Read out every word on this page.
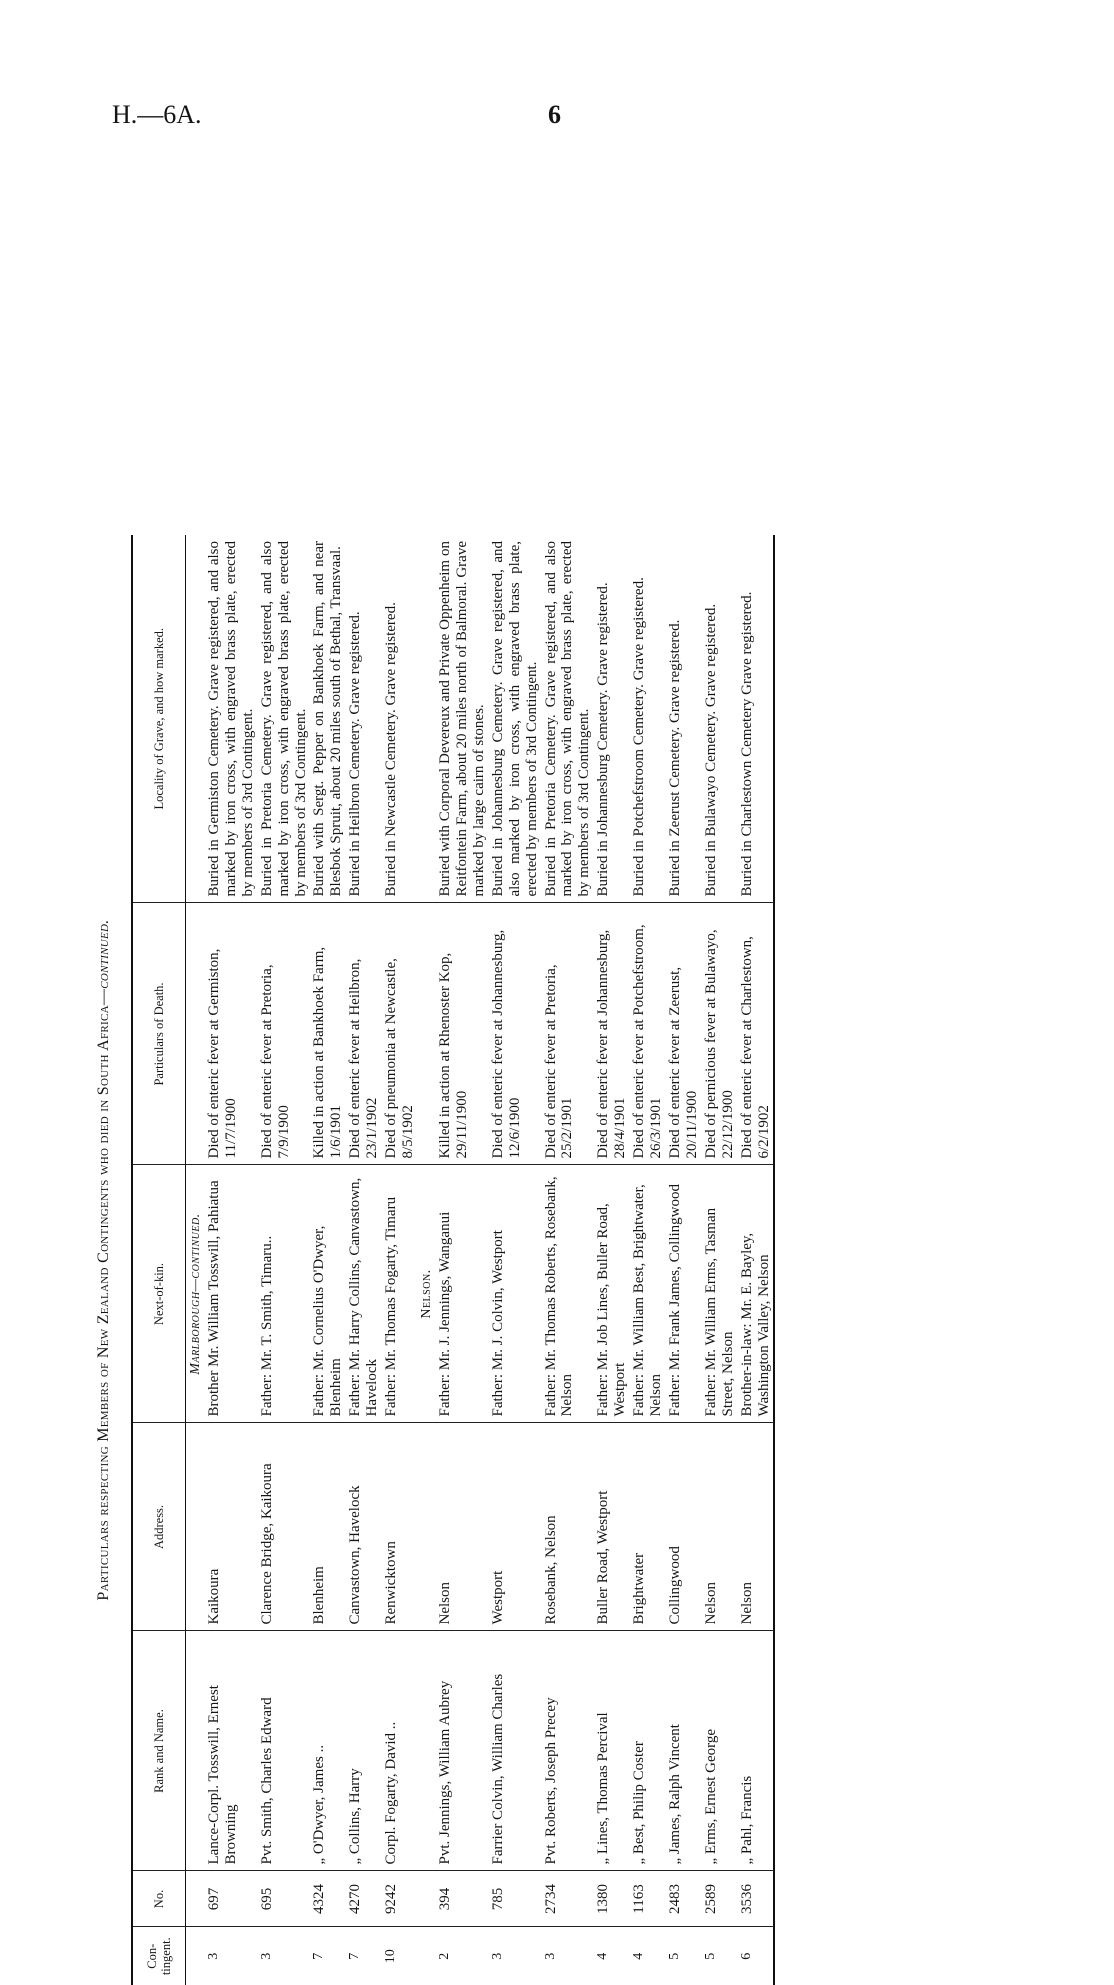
H.—6A.	6
Particulars respecting Members of New Zealand Contingents who died in South Africa—continued.
Con-tingent.	No.	Rank and Name.	Address.	Next-of-kin.	Particulars of Death.	Locality of Grave, and how marked.
				Marlborough—continued.		
3	697	Lance-Corpl. Tosswill, Ernest Browning	Kaikoura	Brother Mr. William Tosswill, Pahiatua	Died of enteric fever at Germiston, 11/7/1900	Buried in Germiston Cemetery. Grave registered, and also marked by iron cross, with engraved brass plate, erected by members of 3rd Contingent.
3	695	Pvt. Smith, Charles Edward	Clarence Bridge, Kaikoura	Father: Mr. T. Smith, Timaru..	Died of enteric fever at Pretoria, 7/9/1900	Buried in Pretoria Cemetery. Grave registered, and also marked by iron cross, with engraved brass plate, erected by members of 3rd Contingent.
7	4324	„ O'Dwyer, James ..	Blenheim	Father: Mr. Cornelius O'Dwyer, Blenheim	Killed in action at Bankhoek Farm, 1/6/1901	Buried with Sergt. Pepper on Bankhoek Farm, and near Blesbok Spruit, about 20 miles south of Bethal, Transvaal.
7	4270	„ Collins, Harry	Canvastown, Havelock	Father: Mr. Harry Collins, Canvastown, Havelock	Died of enteric fever at Heilbron, 23/1/1902	Buried in Heilbron Cemetery. Grave registered.
10	9242	Corpl. Fogarty, David ..	Renwicktown	Father: Mr. Thomas Fogarty, Timaru	Died of pneumonia at Newcastle, 8/5/1902	Buried in Newcastle Cemetery. Grave registered.
				Nelson.		
2	394	Pvt. Jennings, William Aubrey	Nelson	Father: Mr. J. Jennings, Wanganui	Killed in action at Rhenoster Kop, 29/11/1900	Buried with Corporal Devereux and Private Oppenheim on Reitfontein Farm, about 20 miles north of Balmoral. Grave marked by large cairn of stones.
3	785	Farrier Colvin, William Charles	Westport	Father: Mr. J. Colvin, Westport	Died of enteric fever at Johannesburg, 12/6/1900	Buried in Johannesburg Cemetery. Grave registered, and also marked by iron cross, with engraved brass plate, erected by members of 3rd Contingent.
3	2734	Pvt. Roberts, Joseph Precey	Rosebank, Nelson	Father: Mr. Thomas Roberts, Rosebank, Nelson	Died of enteric fever at Pretoria, 25/2/1901	Buried in Pretoria Cemetery. Grave registered, and also marked by iron cross, with engraved brass plate, erected by members of 3rd Contingent.
4	1380	„ Lines, Thomas Percival	Buller Road, Westport	Father: Mr. Job Lines, Buller Road, Westport	Died of enteric fever at Johannesburg, 28/4/1901	Buried in Johannesburg Cemetery. Grave registered.
4	1163	„ Best, Philip Coster	Brightwater	Father: Mr. William Best, Brightwater, Nelson	Died of enteric fever at Potchefstroom, 26/3/1901	Buried in Potchefstroom Cemetery. Grave registered.
5	2483	„ James, Ralph Vincent	Collingwood	Father: Mr. Frank James, Collingwood	Died of enteric fever at Zeerust, 20/11/1900	Buried in Zeerust Cemetery. Grave registered.
5	2589	„ Erms, Ernest George	Nelson	Father: Mr. William Erms, Tasman Street, Nelson	Died of pernicious fever at Bulawayo, 22/12/1900	Buried in Bulawayo Cemetery. Grave registered.
6	3536	„ Pahl, Francis	Nelson	Brother-in-law: Mr. E. Bayley, Washington Valley, Nelson	Died of enteric fever at Charlestown, 6/2/1902	Buried in Charlestown Cemetery Grave registered.
